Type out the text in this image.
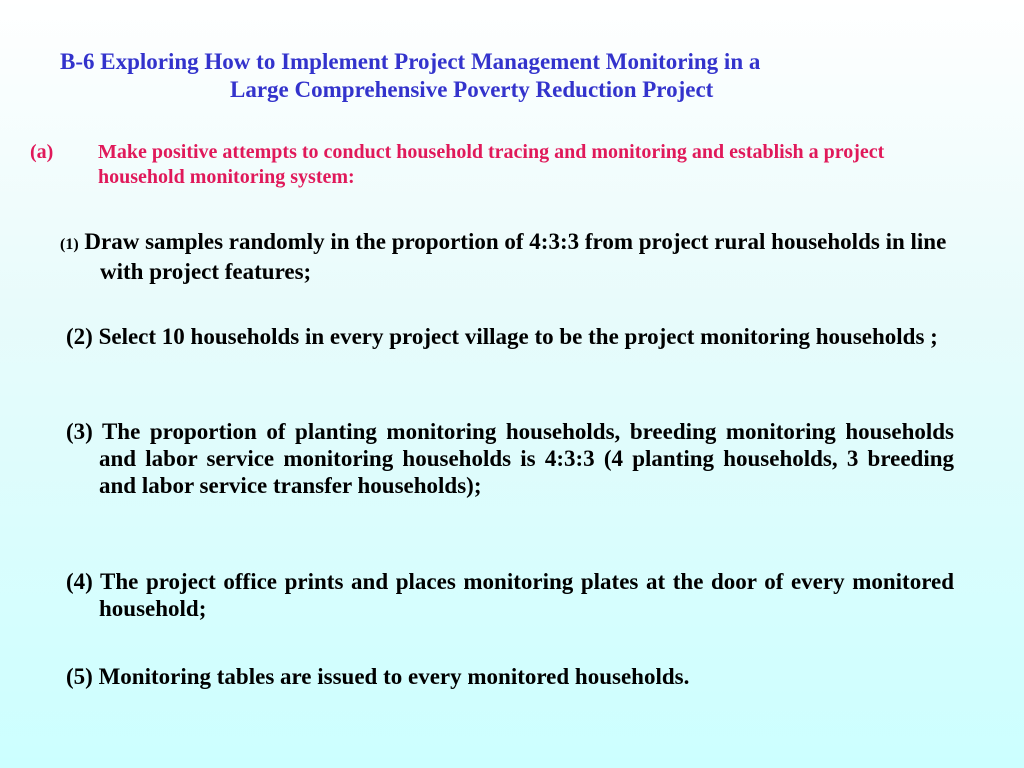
B-6 Exploring How to Implement Project Management Monitoring in a
Large Comprehensive Poverty Reduction Project
(a) Make positive attempts to conduct household tracing and monitoring and establish a project household monitoring system:
(1) Draw samples randomly in the proportion of 4:3:3 from project rural households in line with project features;
(2) Select 10 households in every project village to be the project monitoring households ;
(3) The proportion of planting monitoring households, breeding monitoring households and labor service monitoring households is 4:3:3 (4 planting households, 3 breeding and labor service transfer households);
(4) The project office prints and places monitoring plates at the door of every monitored household;
(5) Monitoring tables are issued to every monitored households.
